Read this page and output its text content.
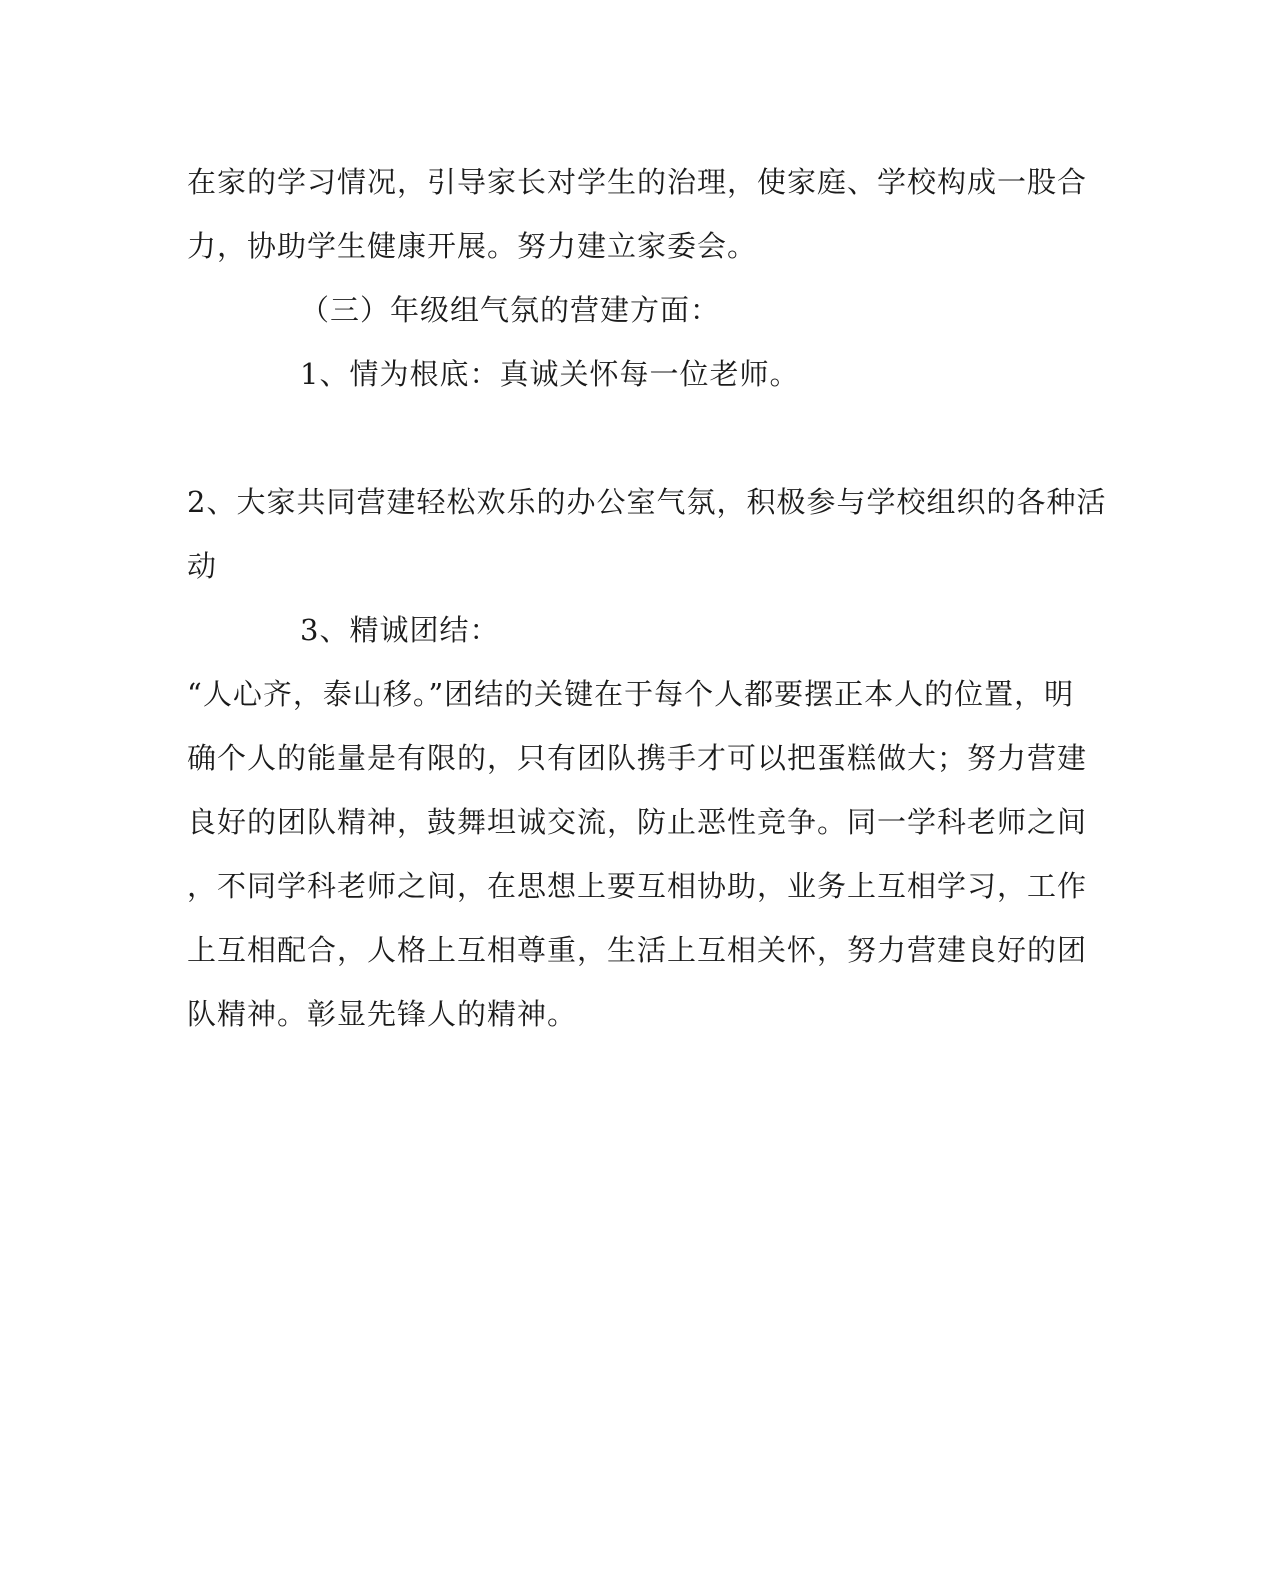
在家的学习情况，引导家长对学生的治理，使家庭、学校构成一股合
力，协助学生健康开展。努力建立家委会。
（三）年级组气氛的营建方面：
1、情为根底：真诚关怀每一位老师。
2、大家共同营建轻松欢乐的办公室气氛，积极参与学校组织的各种活
动
3、精诚团结：
“人心齐，泰山移。”团结的关键在于每个人都要摆正本人的位置，明
确个人的能量是有限的，只有团队携手才可以把蛋糕做大；努力营建
良好的团队精神，鼓舞坦诚交流，防止恶性竞争。同一学科老师之间
，不同学科老师之间，在思想上要互相协助，业务上互相学习，工作
上互相配合，人格上互相尊重，生活上互相关怀，努力营建良好的团
队精神。彰显先锋人的精神。
